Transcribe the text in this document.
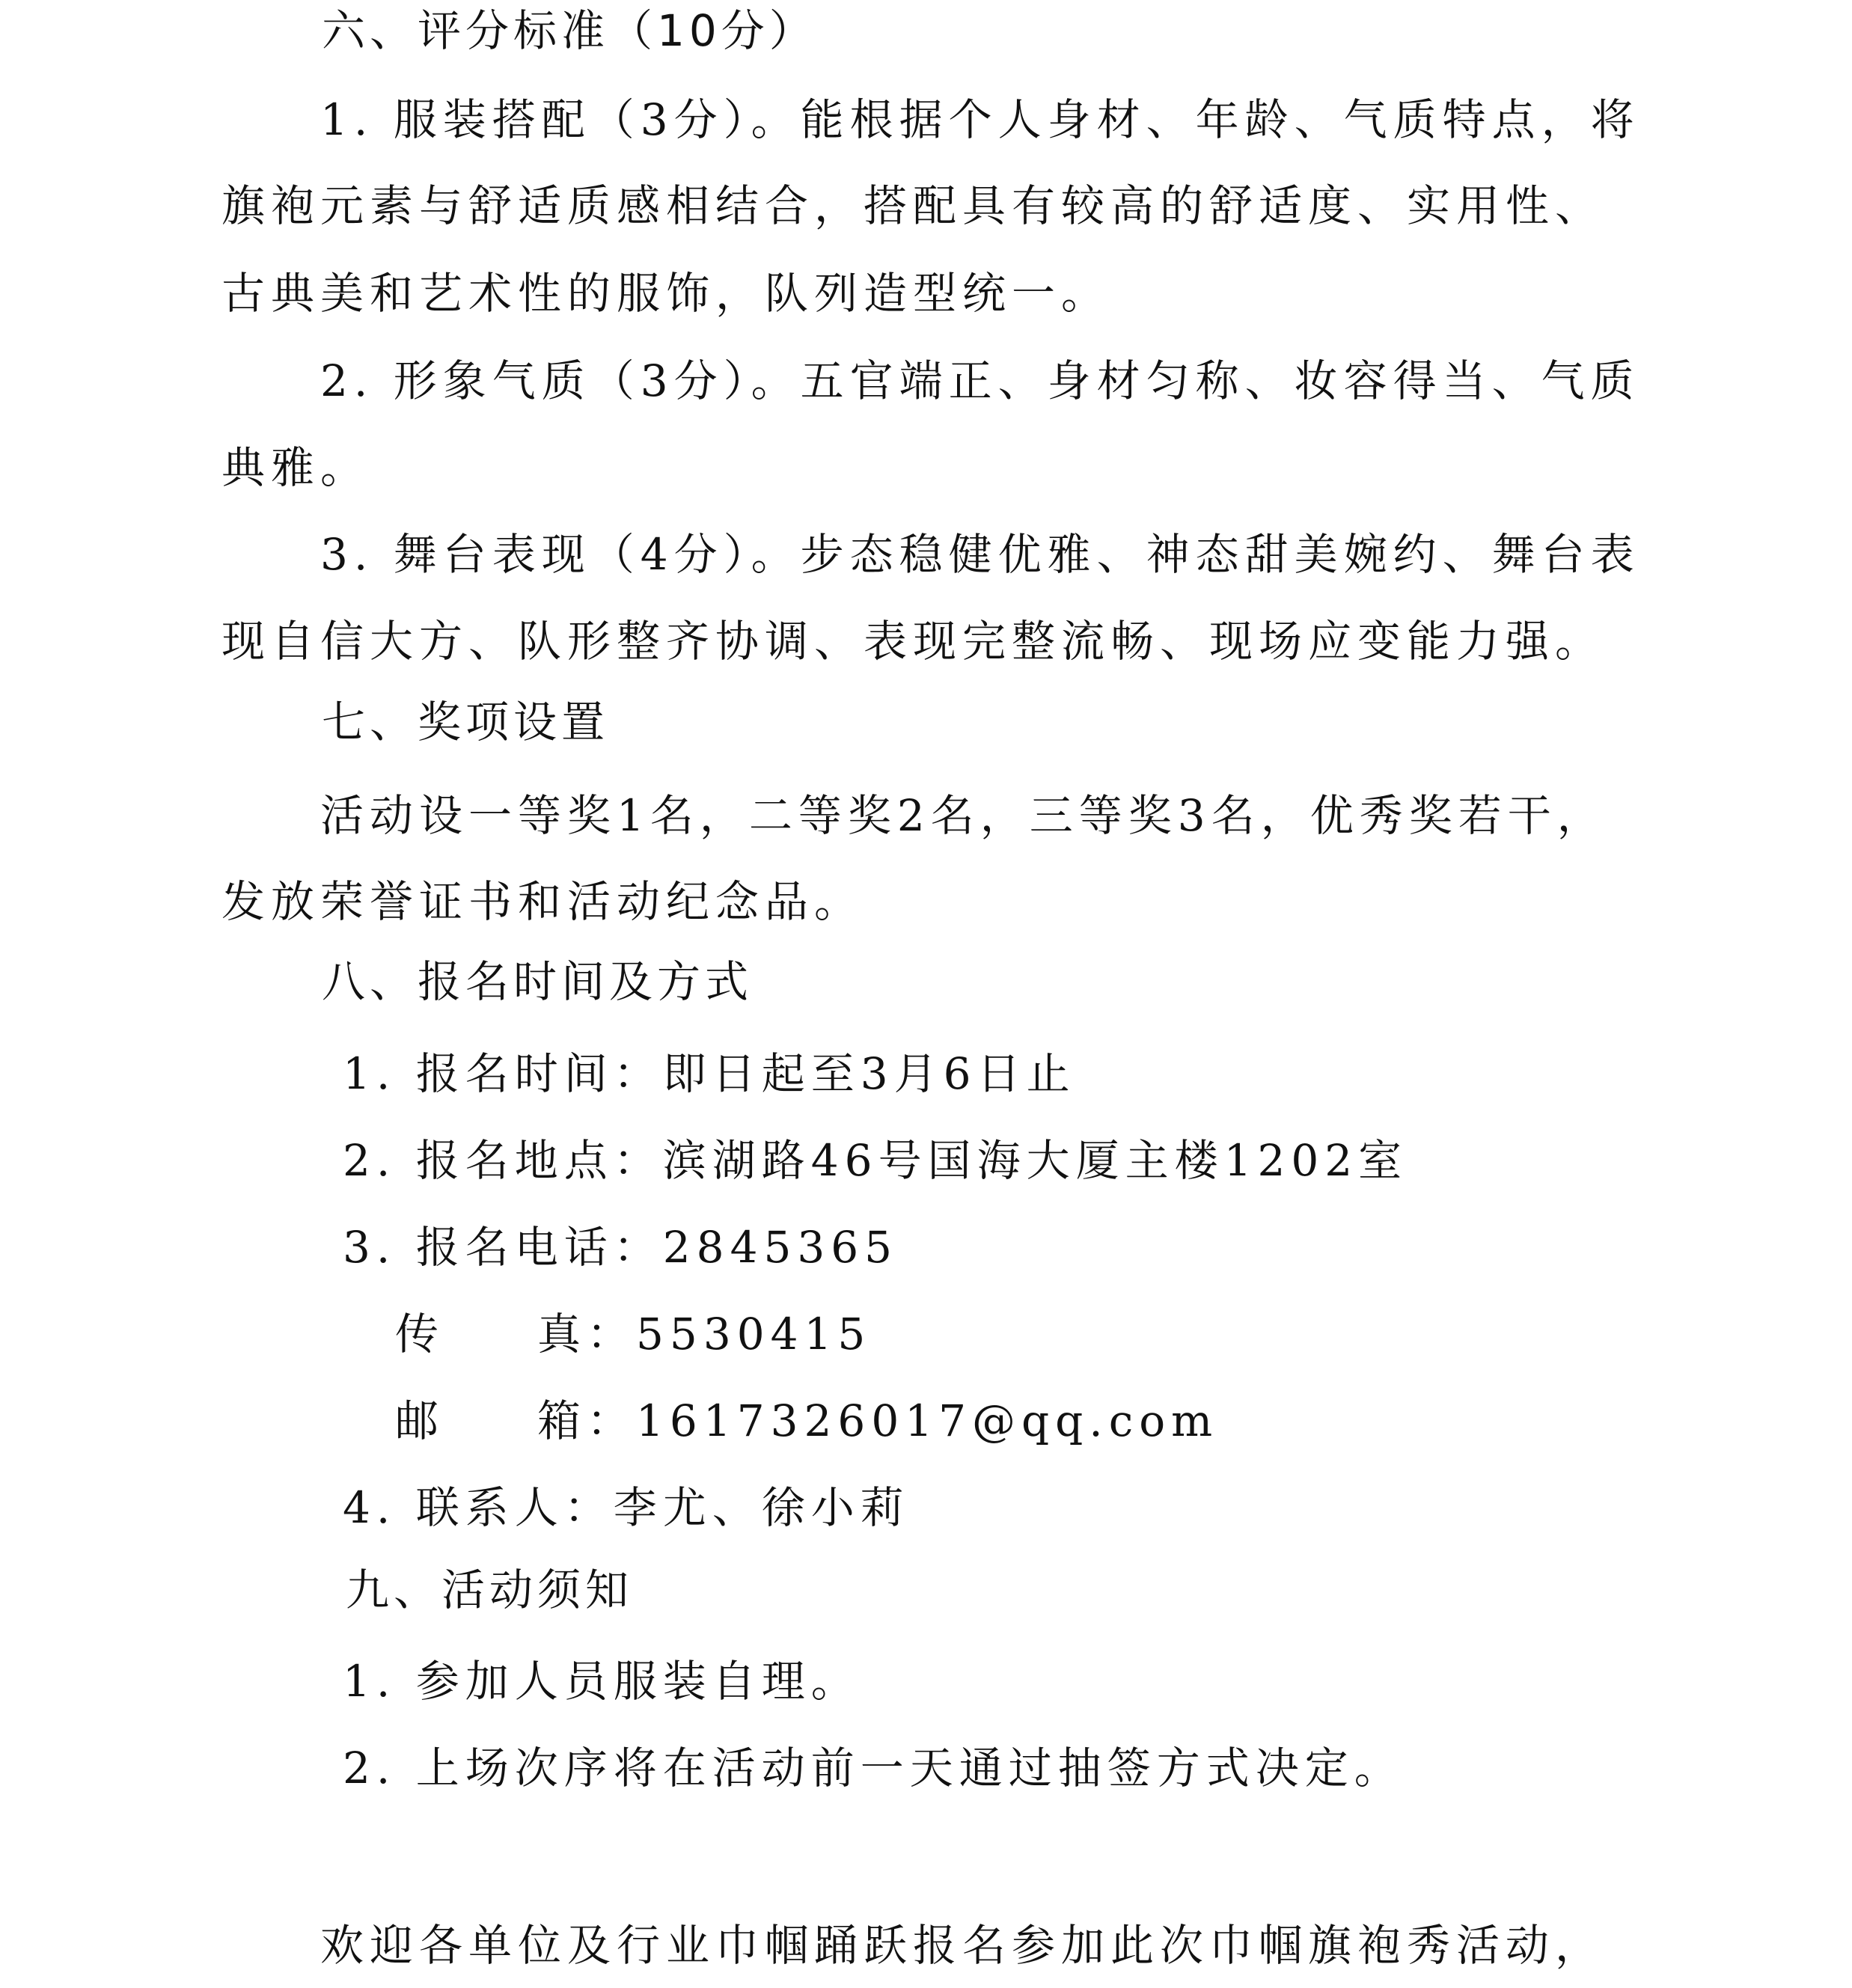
六、评分标准（10分）
1. 服装搭配（3分）。能根据个人身材、年龄、气质特点，将
旗袍元素与舒适质感相结合，搭配具有较高的舒适度、实用性、
古典美和艺术性的服饰，队列造型统一。
2. 形象气质（3分）。五官端正、身材匀称、妆容得当、气质
典雅。
3. 舞台表现（4分）。步态稳健优雅、神态甜美婉约、舞台表
现自信大方、队形整齐协调、表现完整流畅、现场应变能力强。
七、奖项设置
活动设一等奖1名，二等奖2名，三等奖3名，优秀奖若干，
发放荣誉证书和活动纪念品。
八、报名时间及方式
1. 报名时间：即日起至3月6日止
2. 报名地点：滨湖路46号国海大厦主楼1202室
3. 报名电话：2845365
传 真：5530415
邮 箱：1617326017@qq.com
4. 联系人：李尤、徐小莉
九、活动须知
1. 参加人员服装自理。
2. 上场次序将在活动前一天通过抽签方式决定。
欢迎各单位及行业巾帼踊跃报名参加此次巾帼旗袍秀活动，
